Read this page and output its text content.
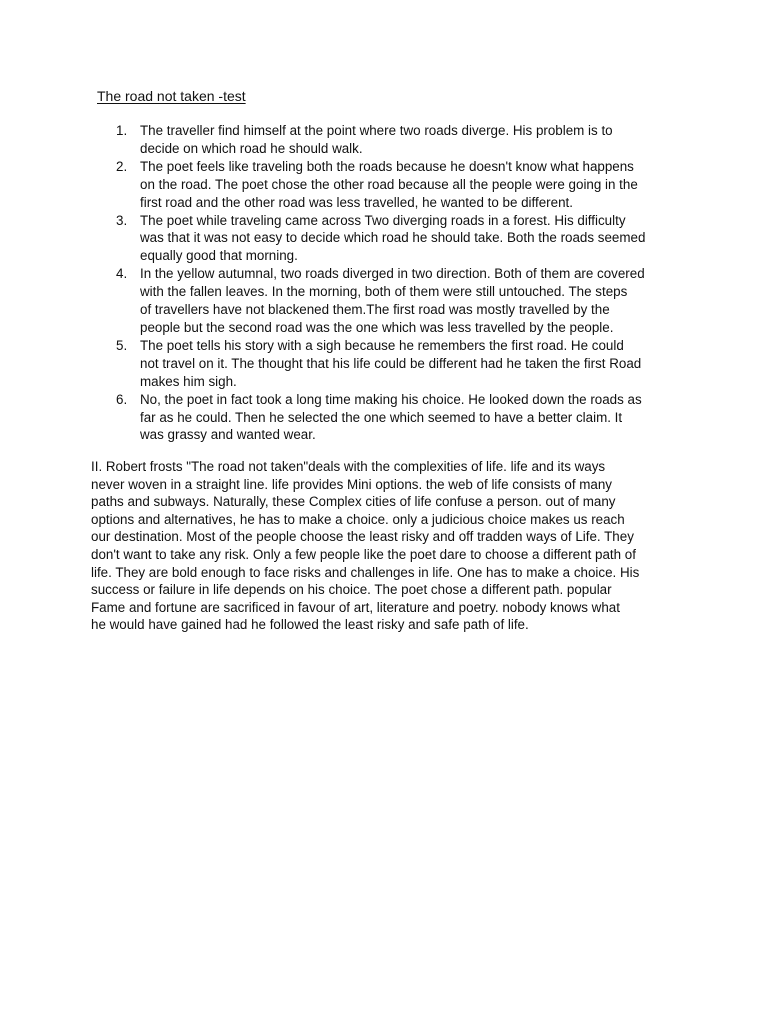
The road not taken -test
1. The traveller find himself at the point where two roads diverge. His problem is to
decide on which road he should walk.
2. The poet feels like traveling both the roads because he doesn't know what happens
on the road. The poet chose the other road because all the people were going in the
first road and the other road was less travelled, he wanted to be different.
3. The poet while traveling came across Two diverging roads in a forest. His difficulty
was that it was not easy to decide which road he should take. Both the roads seemed
equally good that morning.
4. In the yellow autumnal, two roads diverged in two direction. Both of them are covered
with the fallen leaves. In the morning, both of them were still untouched. The steps
of travellers have not blackened them.The first road was mostly travelled by the
people but the second road was the one which was less travelled by the people.
5. The poet tells his story with a sigh because he remembers the first road. He could
not travel on it. The thought that his life could be different had he taken the first Road
makes him sigh.
6. No, the poet in fact took a long time making his choice. He looked down the roads as
far as he could. Then he selected the one which seemed to have a better claim. It
was grassy and wanted wear.
II. Robert frosts "The road not taken"deals with the complexities of life. life and its ways
never woven in a straight line. life provides Mini options. the web of life consists of many
paths and subways. Naturally, these Complex cities of life confuse a person. out of many
options and alternatives, he has to make a choice. only a judicious choice makes us reach
our destination. Most of the people choose the least risky and off tradden ways of Life. They
don't want to take any risk. Only a few people like the poet dare to choose a different path of
life. They are bold enough to face risks and challenges in life. One has to make a choice. His
success or failure in life depends on his choice. The poet chose a different path. popular
Fame and fortune are sacrificed in favour of art, literature and poetry. nobody knows what
he would have gained had he followed the least risky and safe path of life.
